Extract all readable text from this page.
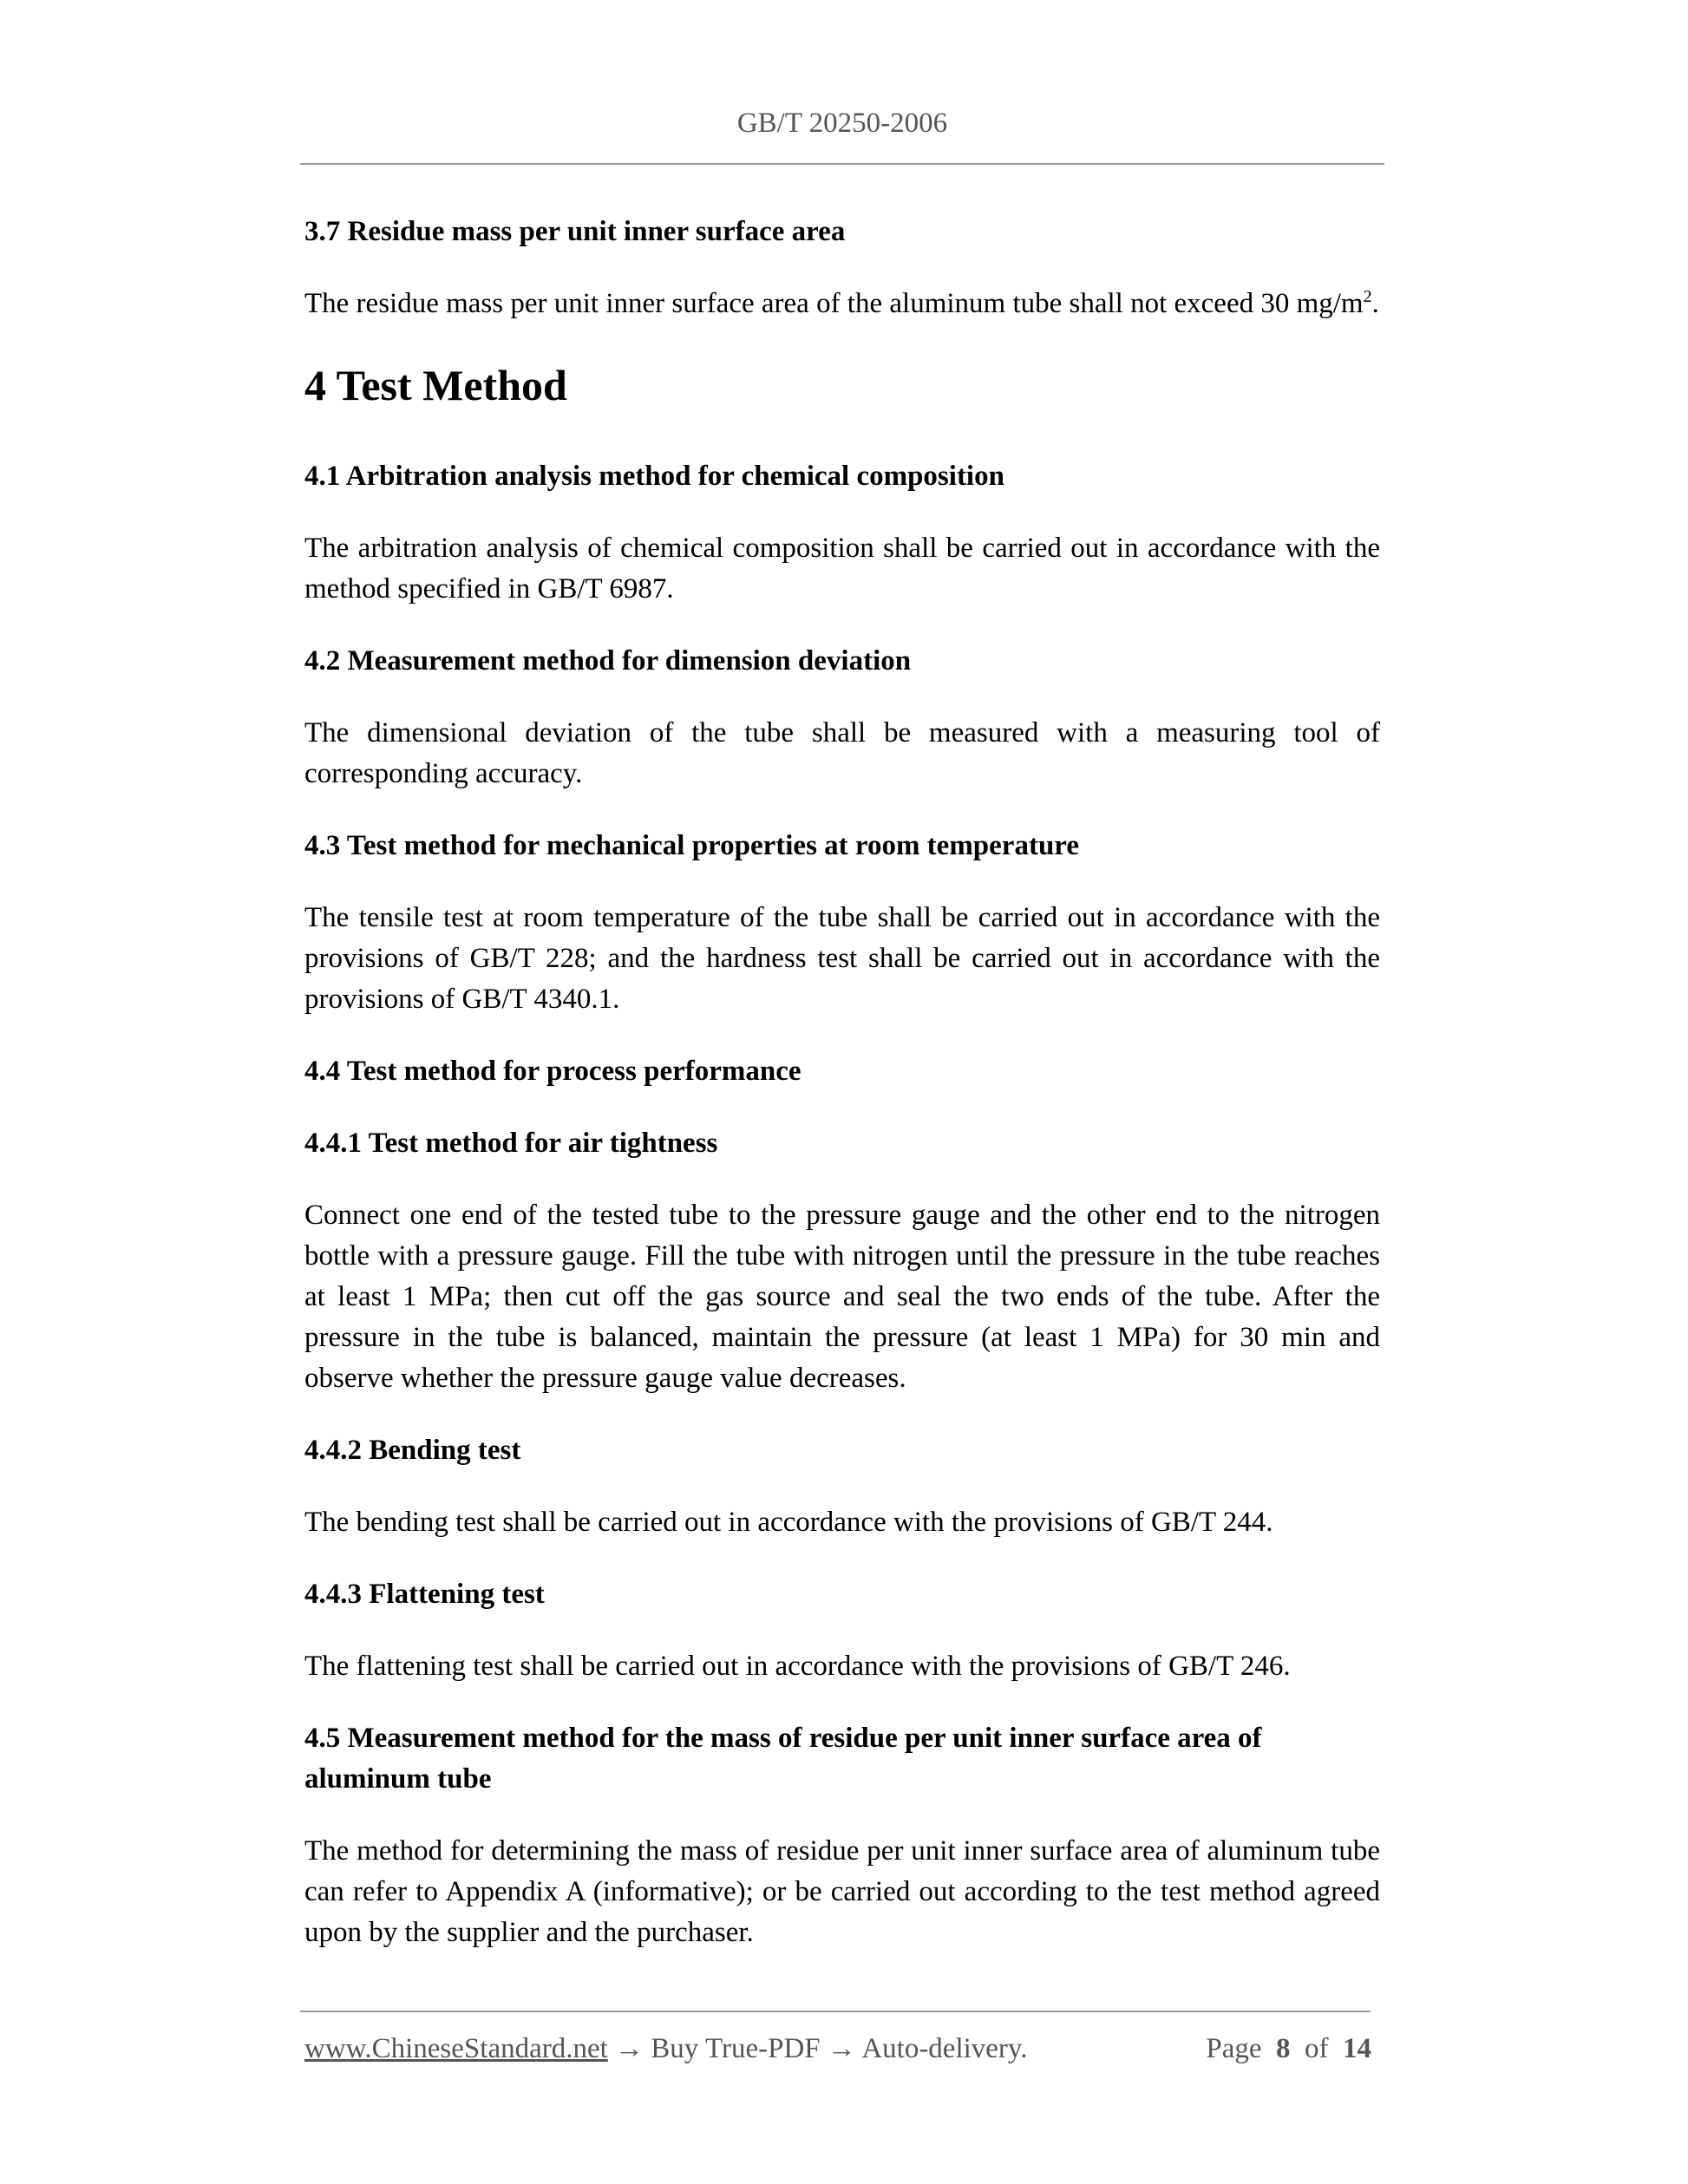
GB/T 20250-2006
3.7 Residue mass per unit inner surface area
The residue mass per unit inner surface area of the aluminum tube shall not exceed 30 $mg/m^2$.
4 Test Method
4.1 Arbitration analysis method for chemical composition
The arbitration analysis of chemical composition shall be carried out in accordance with the method specified in GB/T 6987.
4.2 Measurement method for dimension deviation
The dimensional deviation of the tube shall be measured with a measuring tool of corresponding accuracy.
4.3 Test method for mechanical properties at room temperature
The tensile test at room temperature of the tube shall be carried out in accordance with the provisions of GB/T 228; and the hardness test shall be carried out in accordance with the provisions of GB/T 4340.1.
4.4 Test method for process performance
4.4.1 Test method for air tightness
Connect one end of the tested tube to the pressure gauge and the other end to the nitrogen bottle with a pressure gauge. Fill the tube with nitrogen until the pressure in the tube reaches at least 1 MPa; then cut off the gas source and seal the two ends of the tube. After the pressure in the tube is balanced, maintain the pressure (at least 1 MPa) for 30 min and observe whether the pressure gauge value decreases.
4.4.2 Bending test
The bending test shall be carried out in accordance with the provisions of GB/T 244.
4.4.3 Flattening test
The flattening test shall be carried out in accordance with the provisions of GB/T 246.
4.5 Measurement method for the mass of residue per unit inner surface area of aluminum tube
The method for determining the mass of residue per unit inner surface area of aluminum tube can refer to Appendix A (informative); or be carried out according to the test method agreed upon by the supplier and the purchaser.
www.ChineseStandard.net → Buy True-PDF → Auto-delivery.	Page 8 of 14
